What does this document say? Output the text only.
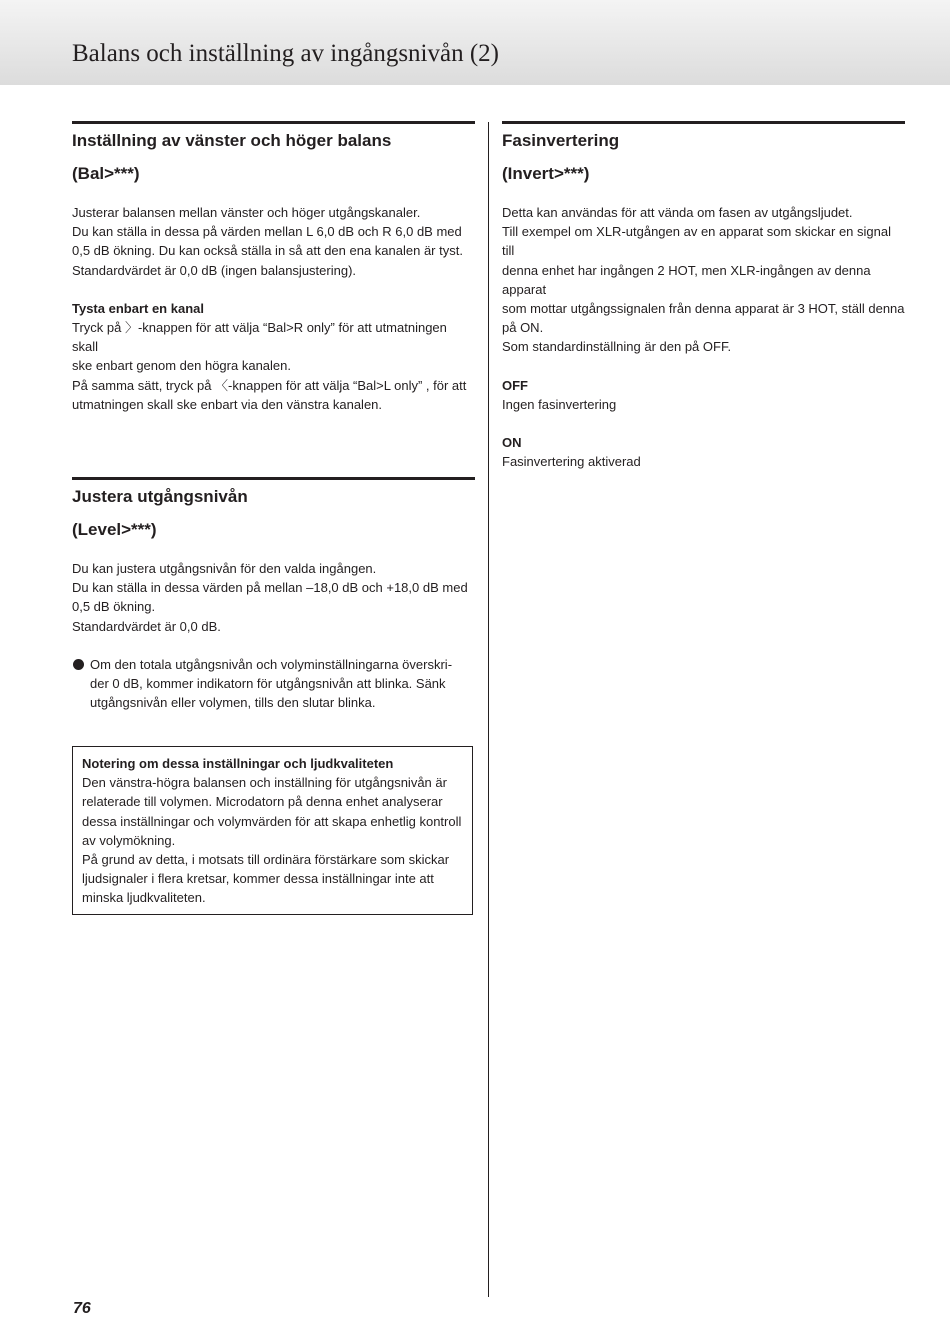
Balans och inställning av ingångsnivån (2)
Inställning av vänster och höger balans
(Bal>***)

Justerar balansen mellan vänster och höger utgångskanaler.

Du kan ställa in dessa på värden mellan L 6,0 dB och R 6,0 dB med

0,5 dB ökning. Du kan också ställa in så att den ena kanalen är tyst.

Standardvärdet är 0,0 dB (ingen balansjustering).

Tysta enbart en kanal

Tryck på 〉-knappen för att välja “Bal>R only” för att utmatningen skall

ske enbart genom den högra kanalen.

På samma sätt, tryck på 〈-knappen för att välja “Bal>L only” , för att

utmatningen skall ske enbart via den vänstra kanalen.

Fasinvertering
(Invert>***)

Detta kan användas för att vända om fasen av utgångsljudet.

Till exempel om XLR-utgången av en apparat som skickar en signal till

denna enhet har ingången 2 HOT, men XLR-ingången av denna apparat

som mottar utgångssignalen från denna apparat är 3 HOT, ställ denna

på ON.

Som standardinställning är den på OFF.

OFF

Ingen fasinvertering

ON

Fasinvertering aktiverad

Justera utgångsnivån
(Level>***)

Du kan justera utgångsnivån för den valda ingången.

Du kan ställa in dessa värden på mellan –18,0 dB och +18,0 dB med

0,5 dB ökning.

Standardvärdet är 0,0 dB.

Om den totala utgångsnivån och volyminställningarna överskri-

der 0 dB, kommer indikatorn för utgångsnivån att blinka. Sänk

utgångsnivån eller volymen, tills den slutar blinka.

Notering om dessa inställningar och ljudkvaliteten

Den vänstra-högra balansen och inställning för utgångsnivån är

relaterade till volymen. Microdatorn på denna enhet analyserar

dessa inställningar och volymvärden för att skapa enhetlig kontroll

av volymökning.

På grund av detta, i motsats till ordinära förstärkare som skickar

ljudsignaler i flera kretsar, kommer dessa inställningar inte att

minska ljudkvaliteten.

76
